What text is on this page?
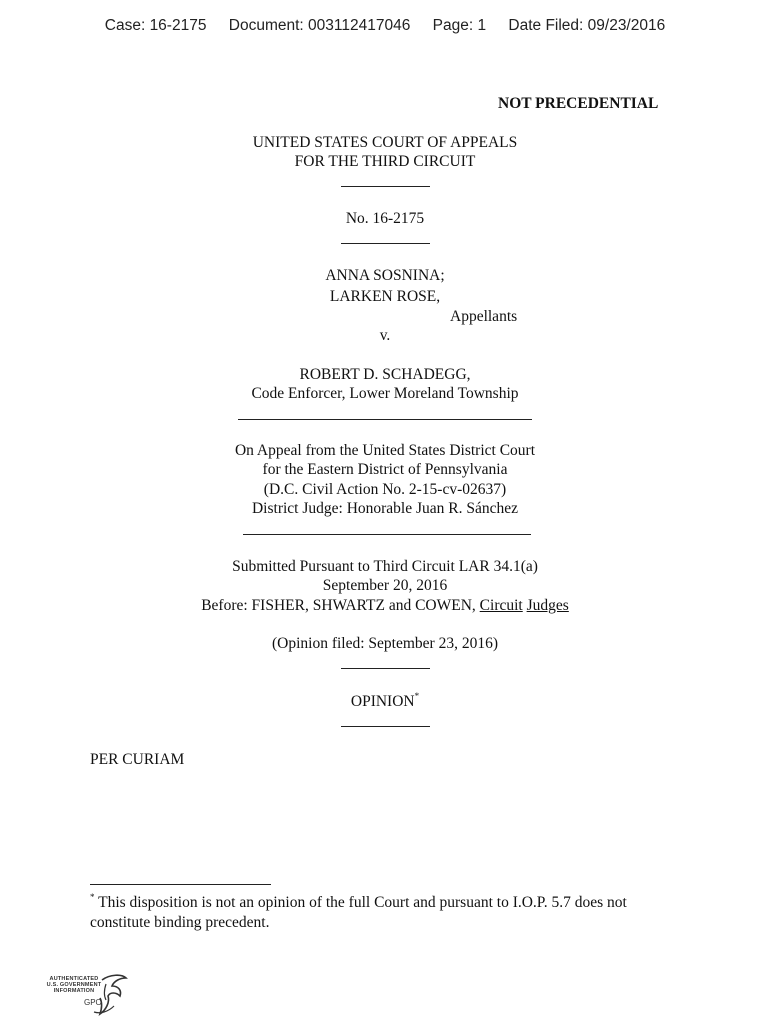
Case: 16-2175 Document: 003112417046 Page: 1 Date Filed: 09/23/2016
NOT PRECEDENTIAL
UNITED STATES COURT OF APPEALS
FOR THE THIRD CIRCUIT
No. 16-2175
ANNA SOSNINA;
LARKEN ROSE,
Appellants
v.
ROBERT D. SCHADEGG,
Code Enforcer, Lower Moreland Township
On Appeal from the United States District Court
for the Eastern District of Pennsylvania
(D.C. Civil Action No. 2-15-cv-02637)
District Judge: Honorable Juan R. Sánchez
Submitted Pursuant to Third Circuit LAR 34.1(a)
September 20, 2016
Before: FISHER, SHWARTZ and COWEN, Circuit Judges
(Opinion filed: September 23, 2016)
OPINION*
PER CURIAM
* This disposition is not an opinion of the full Court and pursuant to I.O.P. 5.7 does not
constitute binding precedent.
AUTHENTICATED
U.S. GOVERNMENT
INFORMATION
GPO
